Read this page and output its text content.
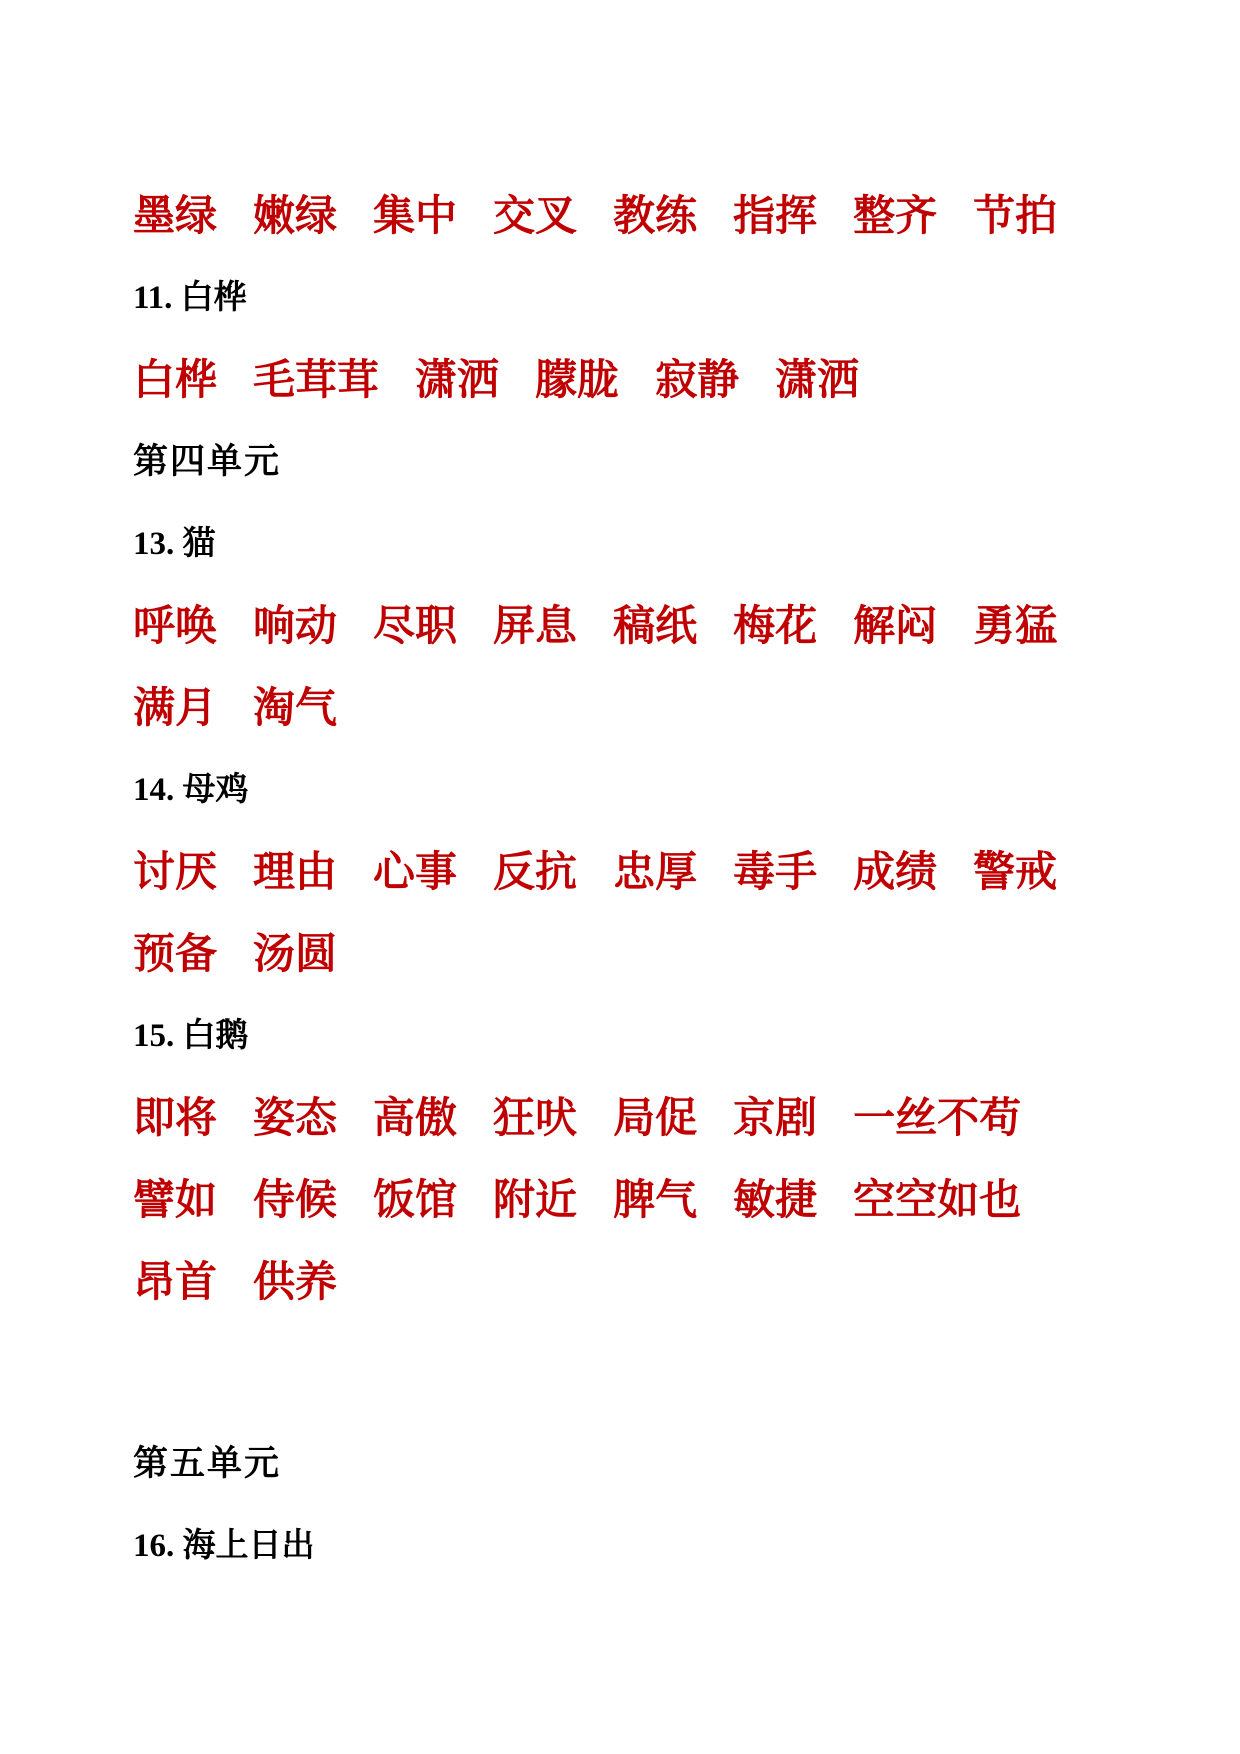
墨绿 嫩绿 集中 交叉 教练 指挥 整齐 节拍
11. 白桦
白桦 毛茸茸 潇洒 朦胧 寂静 潇洒
第四单元
13. 猫
呼唤 响动 尽职 屏息 稿纸 梅花 解闷 勇猛
满月 淘气
14. 母鸡
讨厌 理由 心事 反抗 忠厚 毒手 成绩 警戒
预备 汤圆
15. 白鹅
即将 姿态 高傲 狂吠 局促 京剧 一丝不苟
譬如 侍候 饭馆 附近 脾气 敏捷 空空如也
昂首 供养
第五单元
16. 海上日出
